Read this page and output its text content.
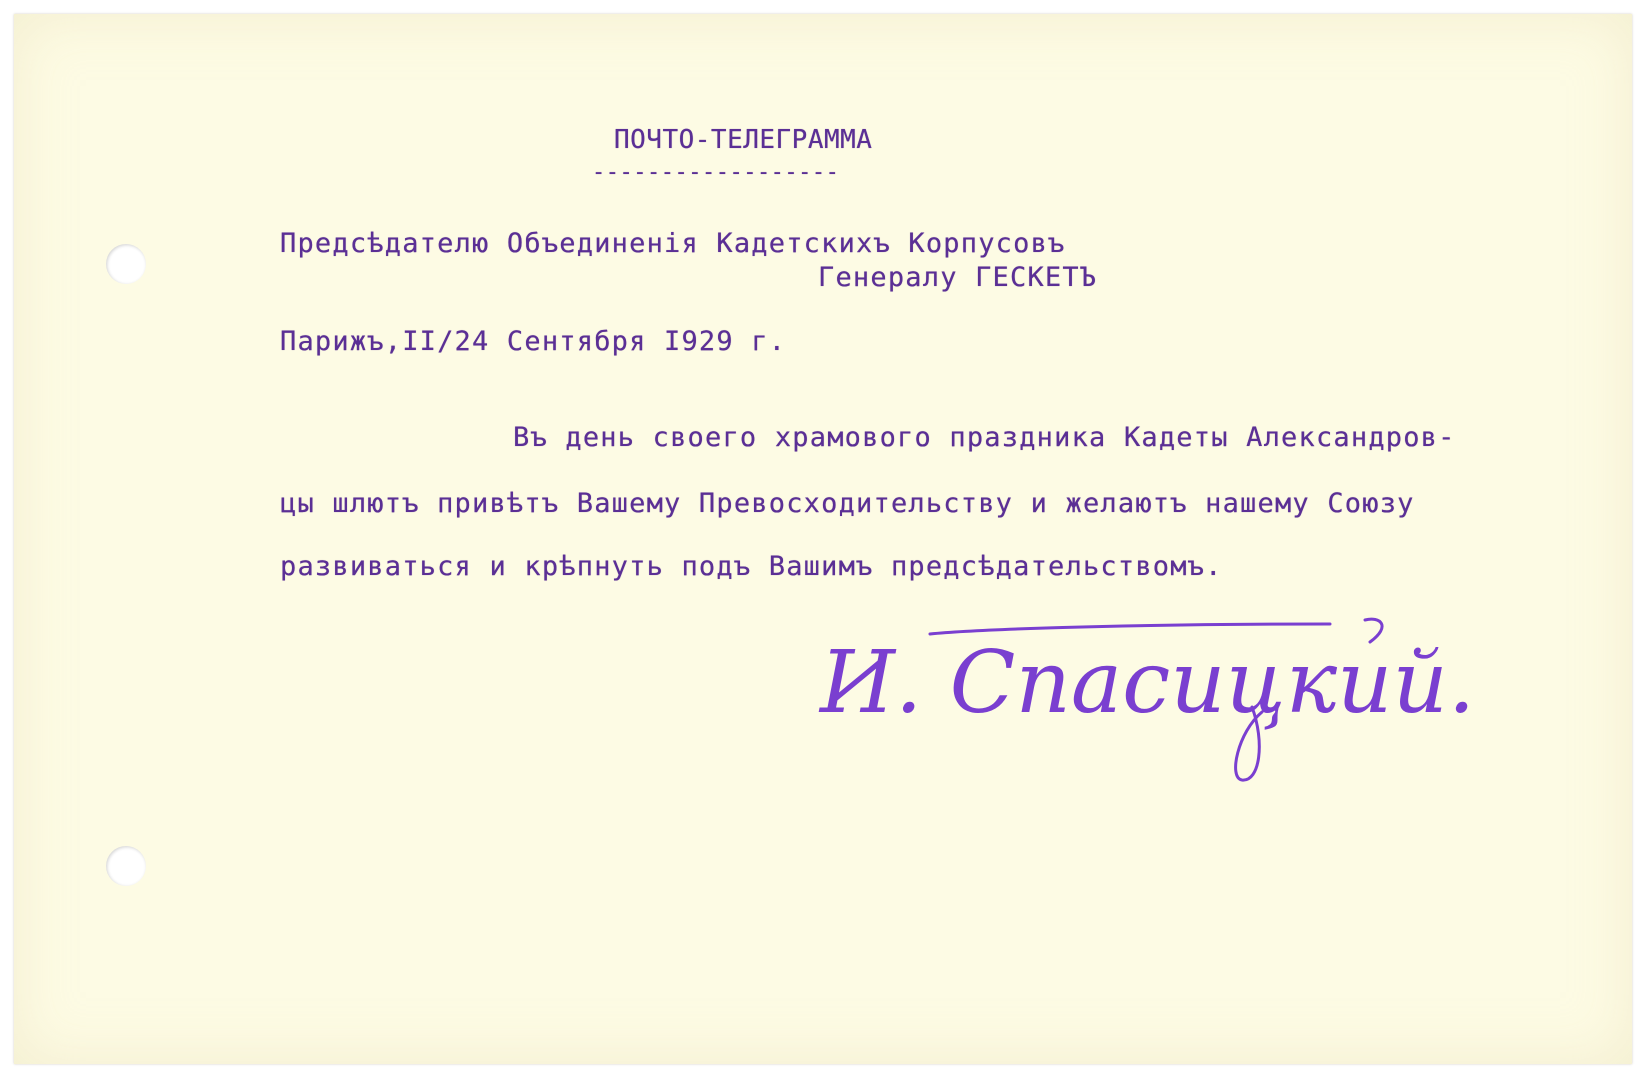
ПОЧТО-ТЕЛЕГРАММА
------------------
Предсѣдателю Объединенія Кадетскихъ Корпусовъ
Генералу ГЕСКЕТЪ
Парижъ,II/24 Сентября I929 г.
Въ день своего храмового праздника Кадеты Александров-
цы шлютъ привѣтъ Вашему Превосходительству и желаютъ нашему Союзу
развиваться и крѣпнуть подъ Вашимъ предсѣдательствомъ.
И. Спасицкий.
